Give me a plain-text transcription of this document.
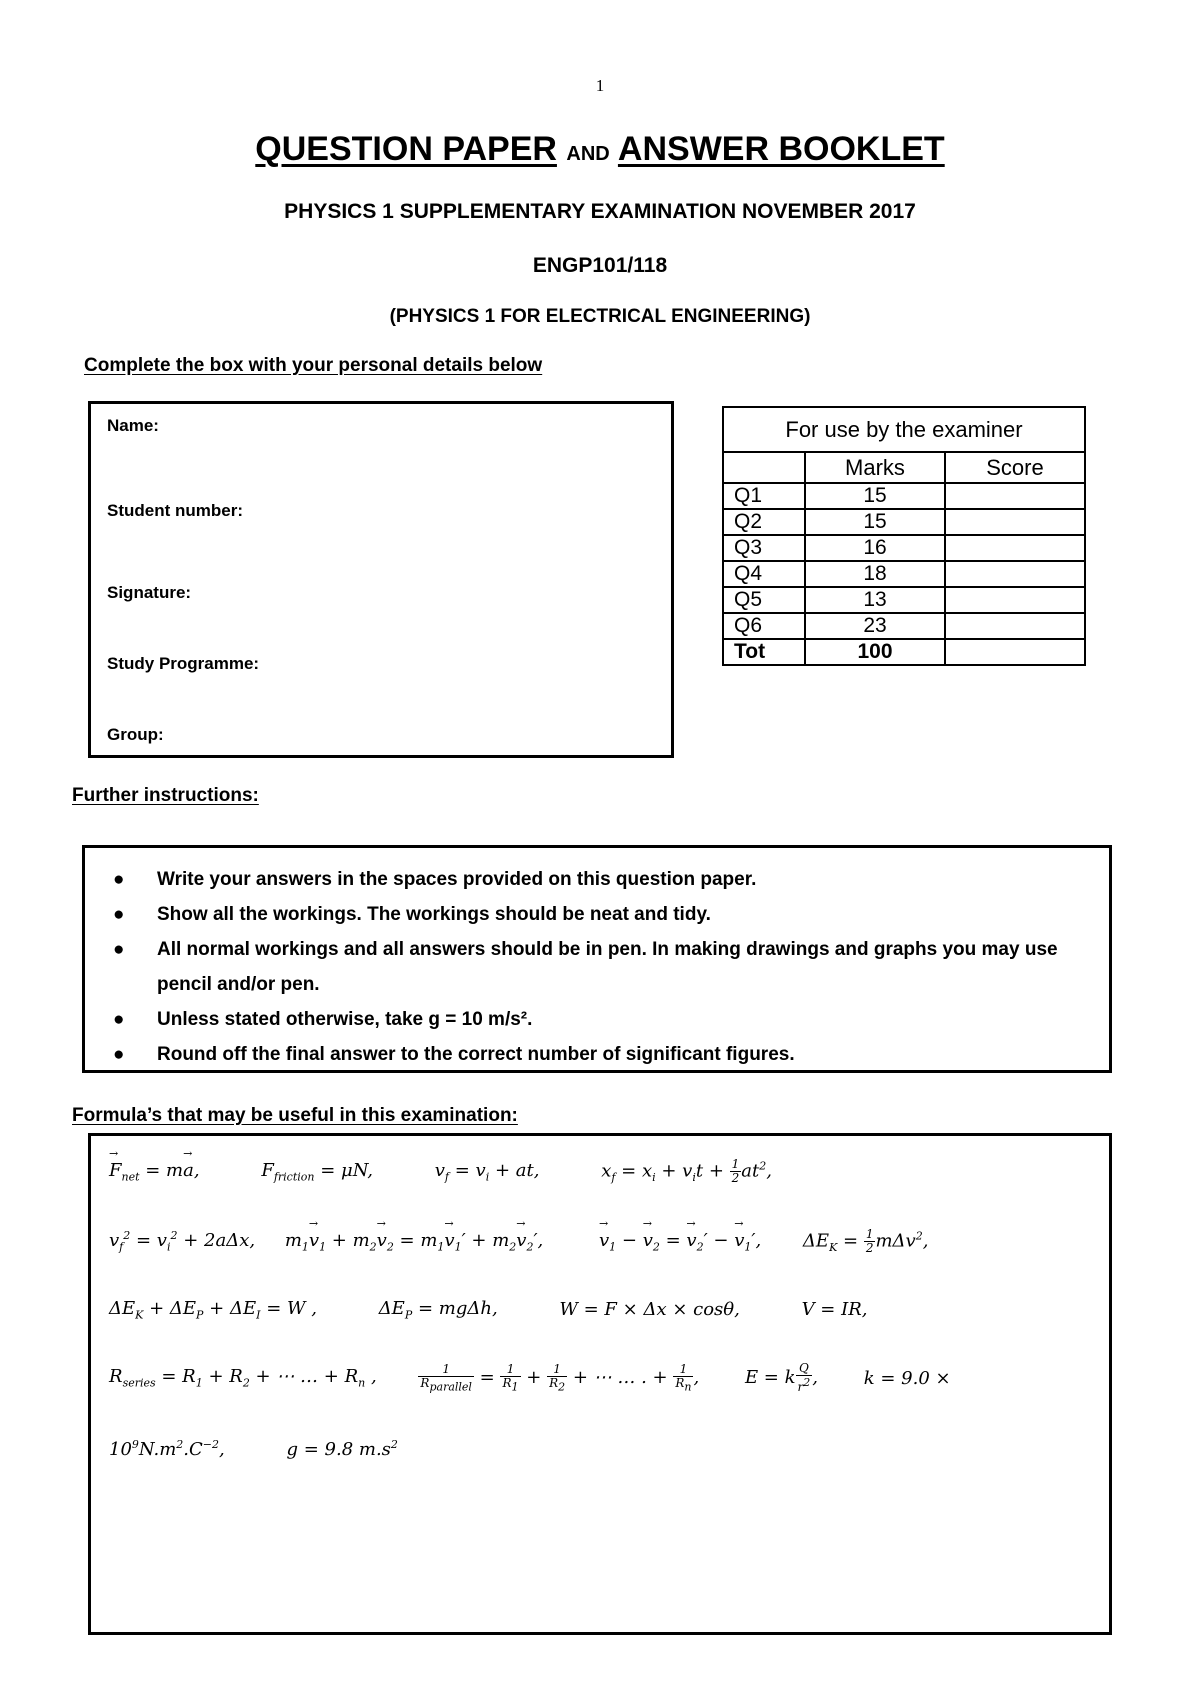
1
QUESTION PAPER AND ANSWER BOOKLET
PHYSICS 1 SUPPLEMENTARY EXAMINATION NOVEMBER 2017
ENGP101/118
(PHYSICS 1 FOR ELECTRICAL ENGINEERING)
Complete the box with your personal details below
Name:
Student number:
Signature:
Study Programme:
Group:
For use by the examiner		
	Marks	Score
Q1	15	
Q2	15	
Q3	16	
Q4	18	
Q5	13	
Q6	23	
Tot	100	
Further instructions:
● Write your answers in the spaces provided on this question paper.
● Show all the workings. The workings should be neat and tidy.
● All normal workings and all answers should be in pen. In making drawings and graphs you may use pencil and/or pen.
● Unless stated otherwise, take g = 10 m/s².
● Round off the final answer to the correct number of significant figures.
Formula’s that may be useful in this examination:
→ $F_{net} = m\to a$,	$F_{friction} = \mu N$,	$v_f = v_i$ + at,	$x_f = x_i + v_it + \frac{1}{2} at^2$,
$v_f^2 = v_i^2 + 2a\Delta x$, $m_1\to v_1 + m_2\to v_2 = m_1\to v_1' + m_2\to v_2'$,	→ $v_1$ − → $v_2$ = → $v_2'$ − → $v_1'$, $\Delta E_K = \frac{1}{2} m\Delta v^2$,
$\Delta E_K + \Delta E_P + \Delta E_I = W$ ,	$\Delta E_P = mg\Delta h$,	W = F × Δx × cosθ,	V = IR,
$R_{series} = R_1 + R_2$ + ⋯ … + $R_n$ ,	$\frac{1}{R_{parallel}} = \frac{1}{R_1} + \frac{1}{R_2}$ + ⋯ … . + $\frac{1}{R_n}$ ,	E = k $\frac{Q}{r^2}$ ,	k = 9.0 ×
$10^9N.m^2.C^{-2}$,	g = 9.8 $m.s^2$
